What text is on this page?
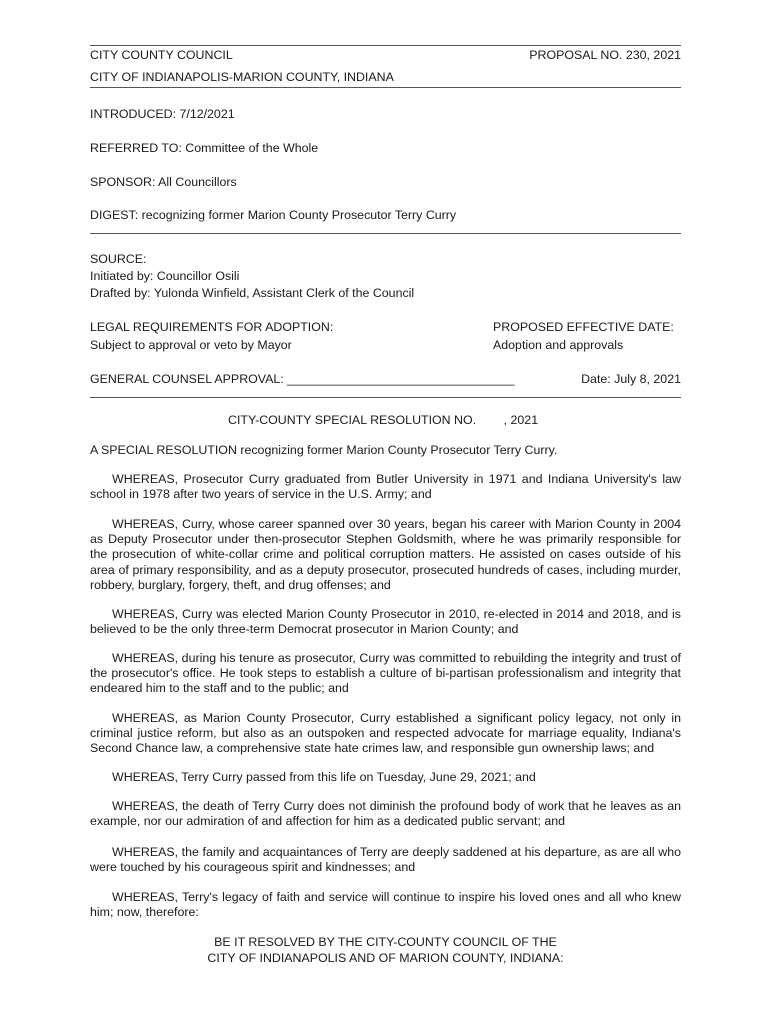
CITY COUNTY COUNCIL	PROPOSAL NO. 230, 2021
CITY OF INDIANAPOLIS-MARION COUNTY, INDIANA
INTRODUCED: 7/12/2021
REFERRED TO: Committee of the Whole
SPONSOR: All Councillors
DIGEST: recognizing former Marion County Prosecutor Terry Curry
SOURCE:
Initiated by: Councillor Osili
Drafted by: Yulonda Winfield, Assistant Clerk of the Council
LEGAL REQUIREMENTS FOR ADOPTION:	PROPOSED EFFECTIVE DATE:
Subject to approval or veto by Mayor	Adoption and approvals
GENERAL COUNSEL APPROVAL: _________________________________	Date: July 8, 2021
CITY-COUNTY SPECIAL RESOLUTION NO.        , 2021
A SPECIAL RESOLUTION recognizing former Marion County Prosecutor Terry Curry.
WHEREAS, Prosecutor Curry graduated from Butler University in 1971 and Indiana University's law school in 1978 after two years of service in the U.S. Army; and
WHEREAS, Curry, whose career spanned over 30 years, began his career with Marion County in 2004 as Deputy Prosecutor under then-prosecutor Stephen Goldsmith, where he was primarily responsible for the prosecution of white-collar crime and political corruption matters. He assisted on cases outside of his area of primary responsibility, and as a deputy prosecutor, prosecuted hundreds of cases, including murder, robbery, burglary, forgery, theft, and drug offenses; and
WHEREAS, Curry was elected Marion County Prosecutor in 2010, re-elected in 2014 and 2018, and is believed to be the only three-term Democrat prosecutor in Marion County; and
WHEREAS, during his tenure as prosecutor, Curry was committed to rebuilding the integrity and trust of the prosecutor's office. He took steps to establish a culture of bi-partisan professionalism and integrity that endeared him to the staff and to the public; and
WHEREAS, as Marion County Prosecutor, Curry established a significant policy legacy, not only in criminal justice reform, but also as an outspoken and respected advocate for marriage equality, Indiana's Second Chance law, a comprehensive state hate crimes law, and responsible gun ownership laws; and
WHEREAS, Terry Curry passed from this life on Tuesday, June 29, 2021; and
WHEREAS, the death of Terry Curry does not diminish the profound body of work that he leaves as an example, nor our admiration of and affection for him as a dedicated public servant; and
WHEREAS, the family and acquaintances of Terry are deeply saddened at his departure, as are all who were touched by his courageous spirit and kindnesses; and
WHEREAS, Terry's legacy of faith and service will continue to inspire his loved ones and all who knew him; now, therefore:
BE IT RESOLVED BY THE CITY-COUNTY COUNCIL OF THE
CITY OF INDIANAPOLIS AND OF MARION COUNTY, INDIANA:
